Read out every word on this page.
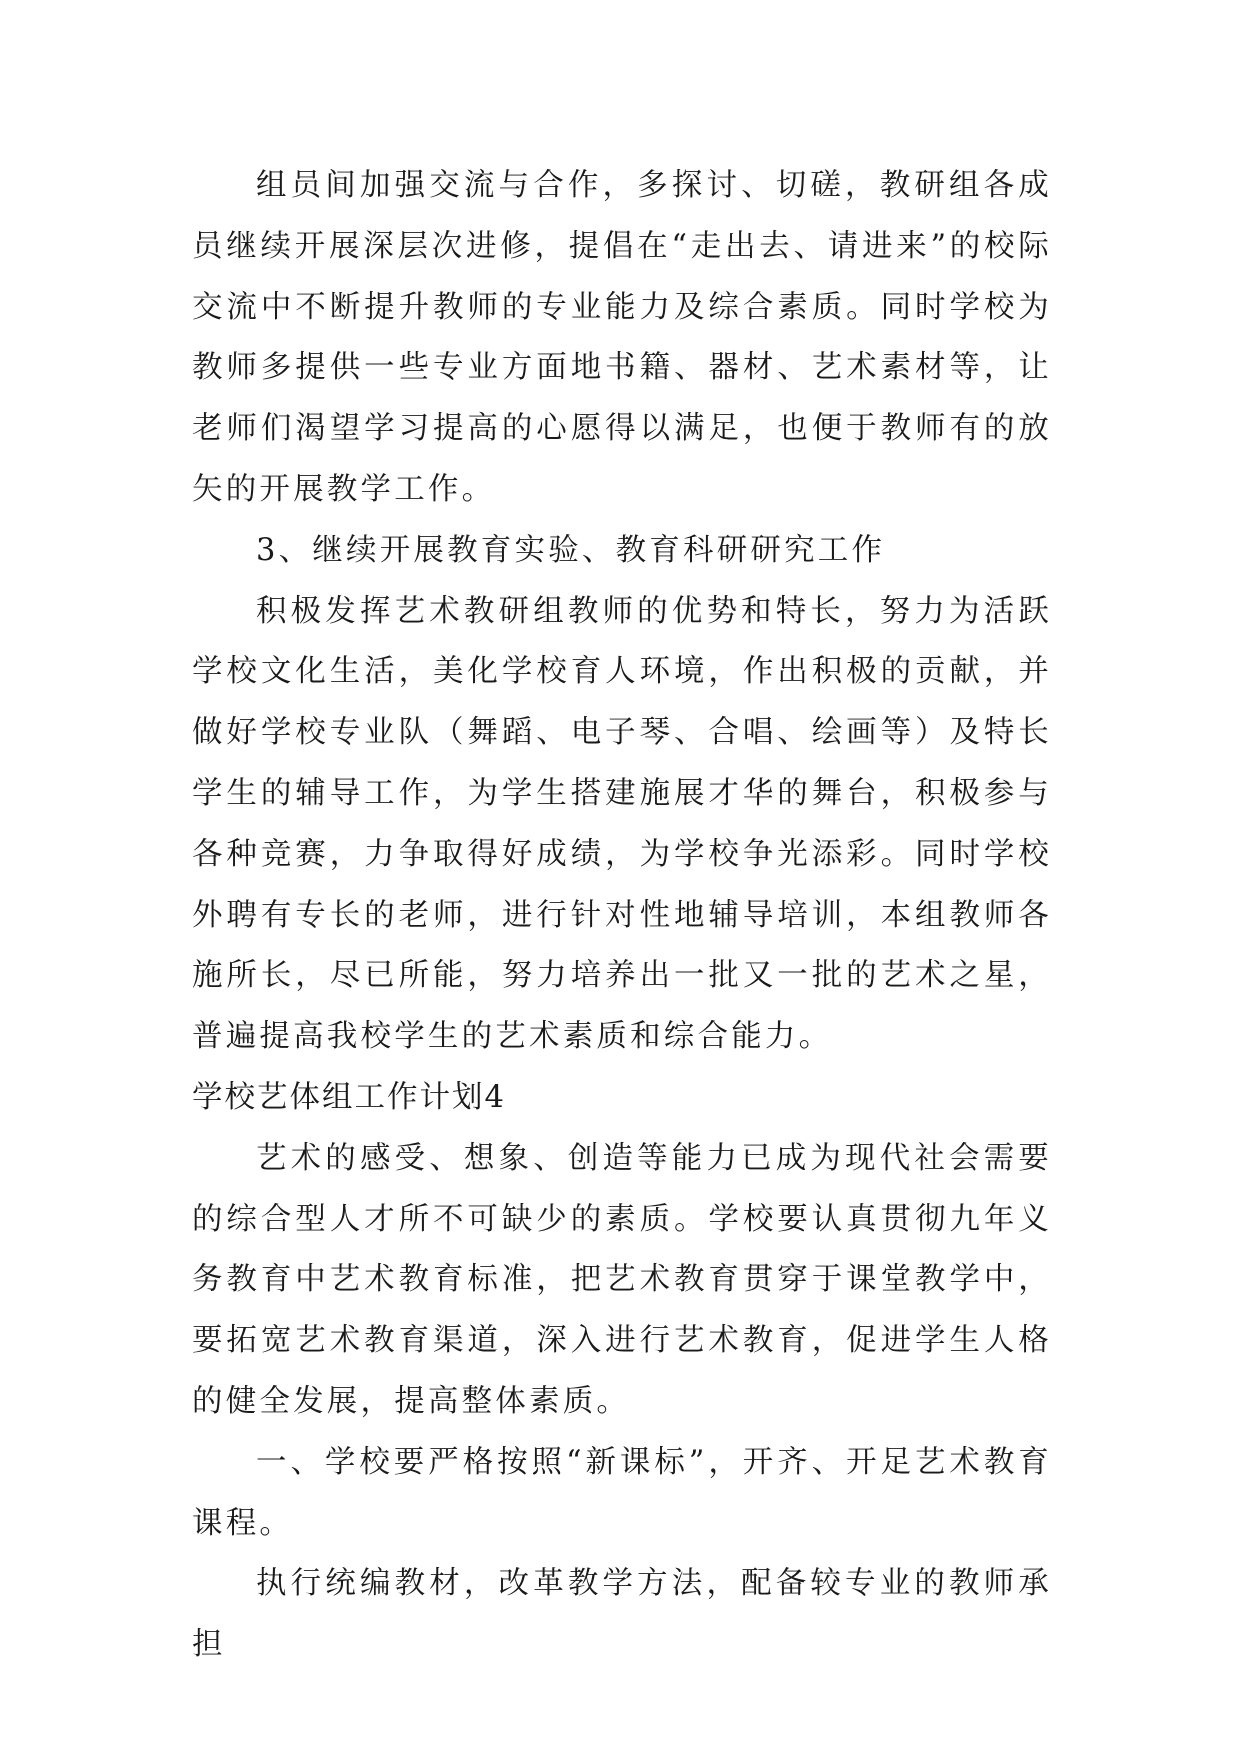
组员间加强交流与合作，多探讨、切磋，教研组各成员继续开展深层次进修，提倡在“走出去、请进来”的校际交流中不断提升教师的专业能力及综合素质。同时学校为教师多提供一些专业方面地书籍、器材、艺术素材等，让老师们渴望学习提高的心愿得以满足，也便于教师有的放矢的开展教学工作。

3、继续开展教育实验、教育科研研究工作

积极发挥艺术教研组教师的优势和特长，努力为活跃学校文化生活，美化学校育人环境，作出积极的贡献，并做好学校专业队（舞蹈、电子琴、合唱、绘画等）及特长学生的辅导工作，为学生搭建施展才华的舞台，积极参与各种竞赛，力争取得好成绩，为学校争光添彩。同时学校外聘有专长的老师，进行针对性地辅导培训，本组教师各施所长，尽已所能，努力培养出一批又一批的艺术之星，普遍提高我校学生的艺术素质和综合能力。

学校艺体组工作计划4

艺术的感受、想象、创造等能力已成为现代社会需要的综合型人才所不可缺少的素质。学校要认真贯彻九年义务教育中艺术教育标准，把艺术教育贯穿于课堂教学中，要拓宽艺术教育渠道，深入进行艺术教育，促进学生人格的健全发展，提高整体素质。

一、学校要严格按照“新课标”，开齐、开足艺术教育课程。

执行统编教材，改革教学方法，配备较专业的教师承担
